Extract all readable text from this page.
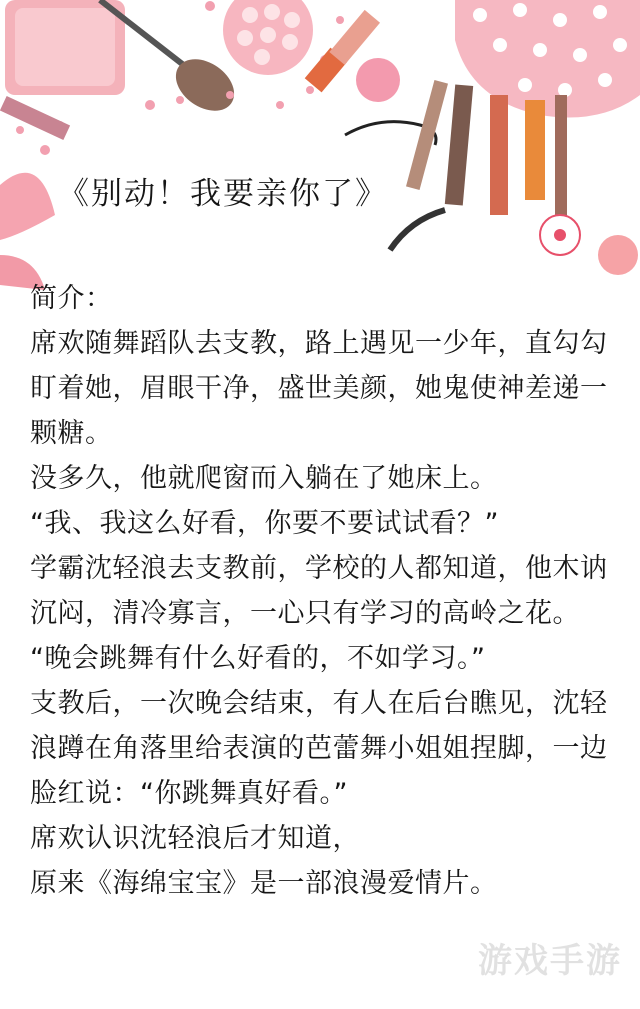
《别动！我要亲你了》

简介：

席欢随舞蹈队去支教，路上遇见一少年，直勾勾盯着她，眉眼干净，盛世美颜，她鬼使神差递一颗糖。

没多久，他就爬窗而入躺在了她床上。

“我、我这么好看，你要不要试试看？”

学霸沈轻浪去支教前，学校的人都知道，他木讷沉闷，清冷寡言，一心只有学习的高岭之花。

“晚会跳舞有什么好看的，不如学习。”

支教后，一次晚会结束，有人在后台瞧见，沈轻浪蹲在角落里给表演的芭蕾舞小姐姐捏脚，一边脸红说：“你跳舞真好看。”

席欢认识沈轻浪后才知道，

原来《海绵宝宝》是一部浪漫爱情片。

游戏手游
